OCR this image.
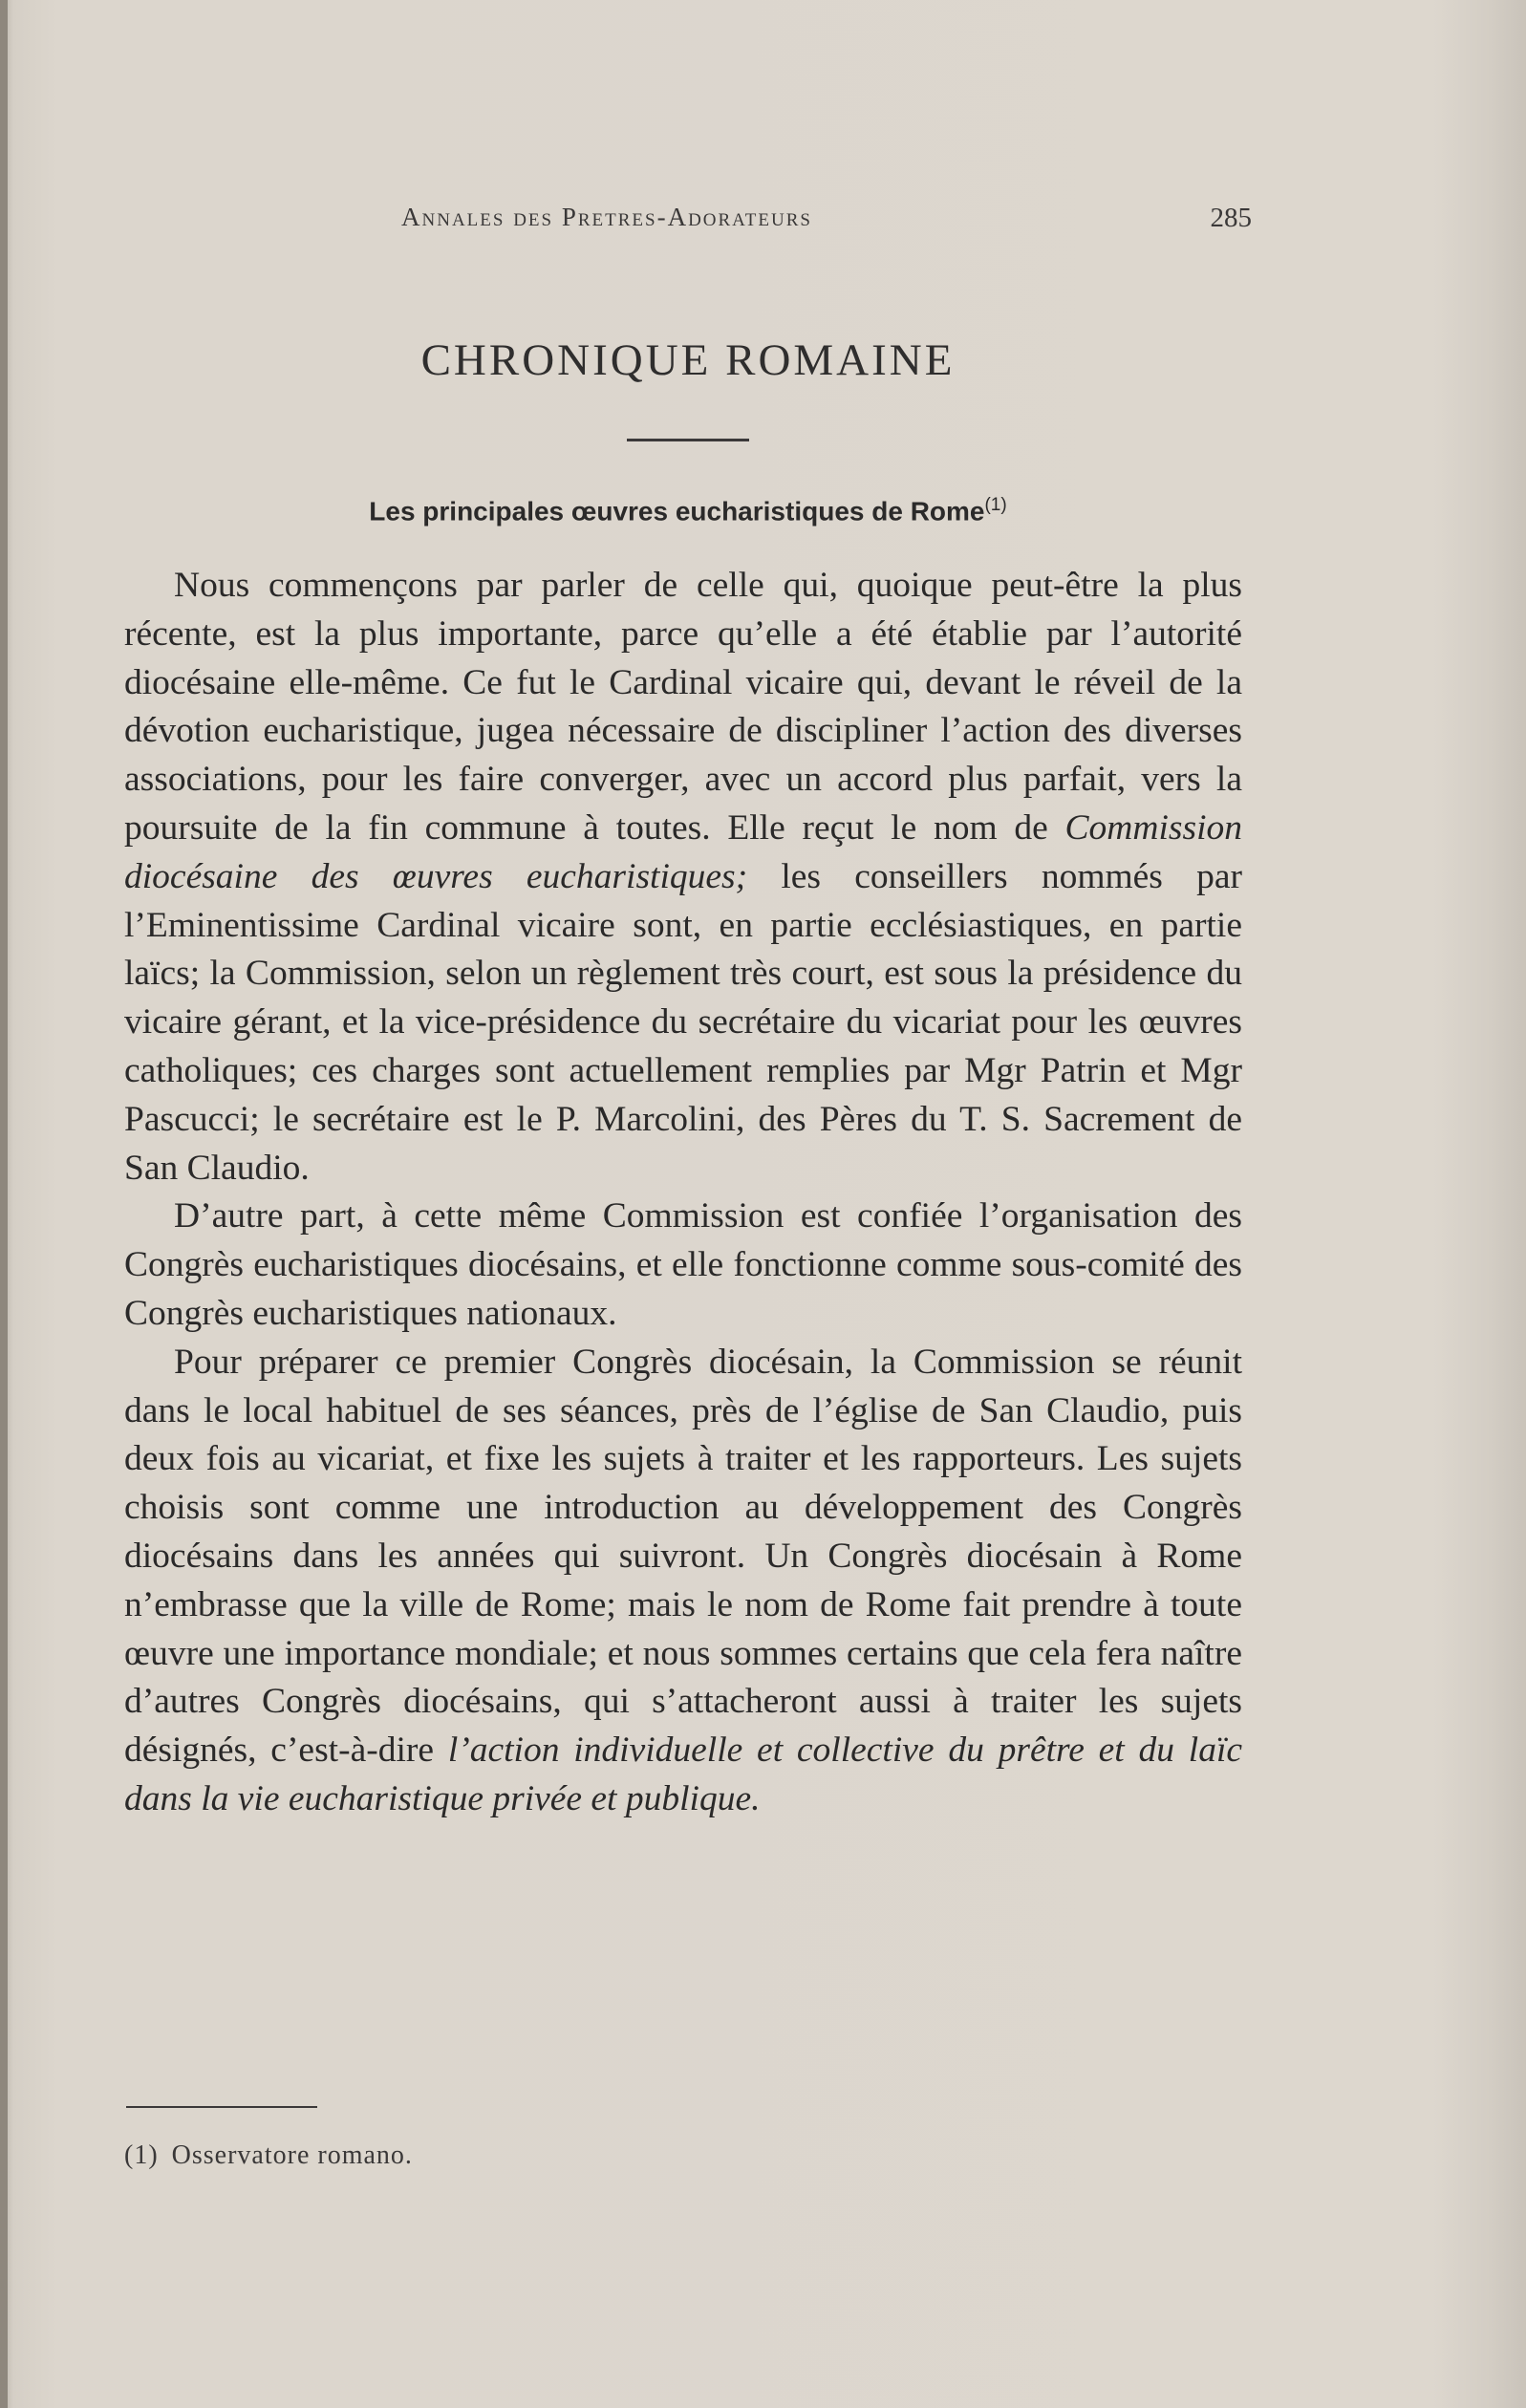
Annales des Pretres-Adorateurs	285
CHRONIQUE ROMAINE
Les principales œuvres eucharistiques de Rome$^{(1)}$

Nous commençons par parler de celle qui, quoique peut-être la plus récente, est la plus importante, parce qu’elle a été établie par l’autorité diocésaine elle-même. Ce fut le Cardinal vicaire qui, devant le réveil de la dévotion eucharistique, jugea nécessaire de discipliner l’action des diverses associations, pour les faire converger, avec un accord plus parfait, vers la poursuite de la fin commune à toutes. Elle reçut le nom de Commission diocésaine des œuvres eucharistiques; les conseillers nommés par l’Eminentissime Cardinal vicaire sont, en partie ecclésiastiques, en partie laïcs; la Commission, selon un règlement très court, est sous la présidence du vicaire gérant, et la vice-présidence du secrétaire du vicariat pour les œuvres catholiques; ces charges sont actuellement remplies par Mgr Patrin et Mgr Pascucci; le secrétaire est le P. Marcolini, des Pères du T. S. Sacrement de San Claudio.

D’autre part, à cette même Commission est confiée l’organisation des Congrès eucharistiques diocésains, et elle fonctionne comme sous-comité des Congrès eucharistiques nationaux.

Pour préparer ce premier Congrès diocésain, la Commission se réunit dans le local habituel de ses séances, près de l’église de San Claudio, puis deux fois au vicariat, et fixe les sujets à traiter et les rapporteurs. Les sujets choisis sont comme une introduction au développement des Congrès diocésains dans les années qui suivront. Un Congrès diocésain à Rome n’embrasse que la ville de Rome; mais le nom de Rome fait prendre à toute œuvre une importance mondiale; et nous sommes certains que cela fera naître d’autres Congrès diocésains, qui s’attacheront aussi à traiter les sujets désignés, c’est-à-dire l’action individuelle et collective du prêtre et du laïc dans la vie eucharistique privée et publique.

(1) Osservatore romano.
